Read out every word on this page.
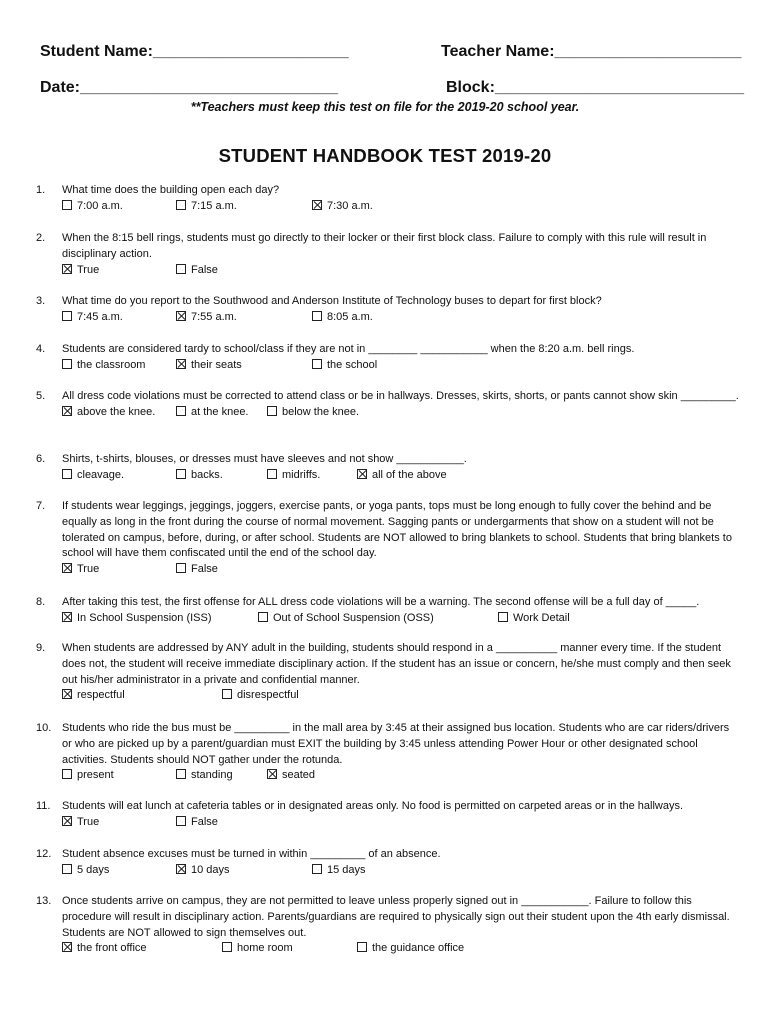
Student Name:______________________	Teacher Name:_____________________
Date:_____________________________	Block:____________________________
**Teachers must keep this test on file for the 2019-20 school year.
STUDENT HANDBOOK TEST 2019-20
1. What time does the building open each day?
7:00 a.m.	7:15 a.m.	7:30 a.m.
2. When the 8:15 bell rings, students must go directly to their locker or their first block class. Failure to comply with this rule will result in disciplinary action.
True	False
3. What time do you report to the Southwood and Anderson Institute of Technology buses to depart for first block?
7:45 a.m.	7:55 a.m.	8:05 a.m.
4. Students are considered tardy to school/class if they are not in ________ ___________ when the 8:20 a.m. bell rings.
the classroom	their seats	the school
5. All dress code violations must be corrected to attend class or be in hallways. Dresses, skirts, shorts, or pants cannot show skin _________.
above the knee.	at the knee.	below the knee.
6. Shirts, t-shirts, blouses, or dresses must have sleeves and not show ___________.
cleavage.	backs.	midriffs.	all of the above
7. If students wear leggings, jeggings, joggers, exercise pants, or yoga pants, tops must be long enough to fully cover the behind and be equally as long in the front during the course of normal movement. Sagging pants or undergarments that show on a student will not be tolerated on campus, before, during, or after school. Students are NOT allowed to bring blankets to school. Students that bring blankets to school will have them confiscated until the end of the school day.
True	False
8. After taking this test, the first offense for ALL dress code violations will be a warning. The second offense will be a full day of _____.
In School Suspension (ISS)	Out of School Suspension (OSS)	Work Detail
9. When students are addressed by ANY adult in the building, students should respond in a __________ manner every time. If the student does not, the student will receive immediate disciplinary action. If the student has an issue or concern, he/she must comply and then seek out his/her administrator in a private and confidential manner.
respectful	disrespectful
10. Students who ride the bus must be _________ in the mall area by 3:45 at their assigned bus location. Students who are car riders/drivers or who are picked up by a parent/guardian must EXIT the building by 3:45 unless attending Power Hour or other designated school activities. Students should NOT gather under the rotunda.
present	standing	seated
11. Students will eat lunch at cafeteria tables or in designated areas only. No food is permitted on carpeted areas or in the hallways.
True	False
12. Student absence excuses must be turned in within _________ of an absence.
5 days	10 days	15 days
13. Once students arrive on campus, they are not permitted to leave unless properly signed out in ___________. Failure to follow this procedure will result in disciplinary action. Parents/guardians are required to physically sign out their student upon the 4th early dismissal. Students are NOT allowed to sign themselves out.
the front office	home room	the guidance office
